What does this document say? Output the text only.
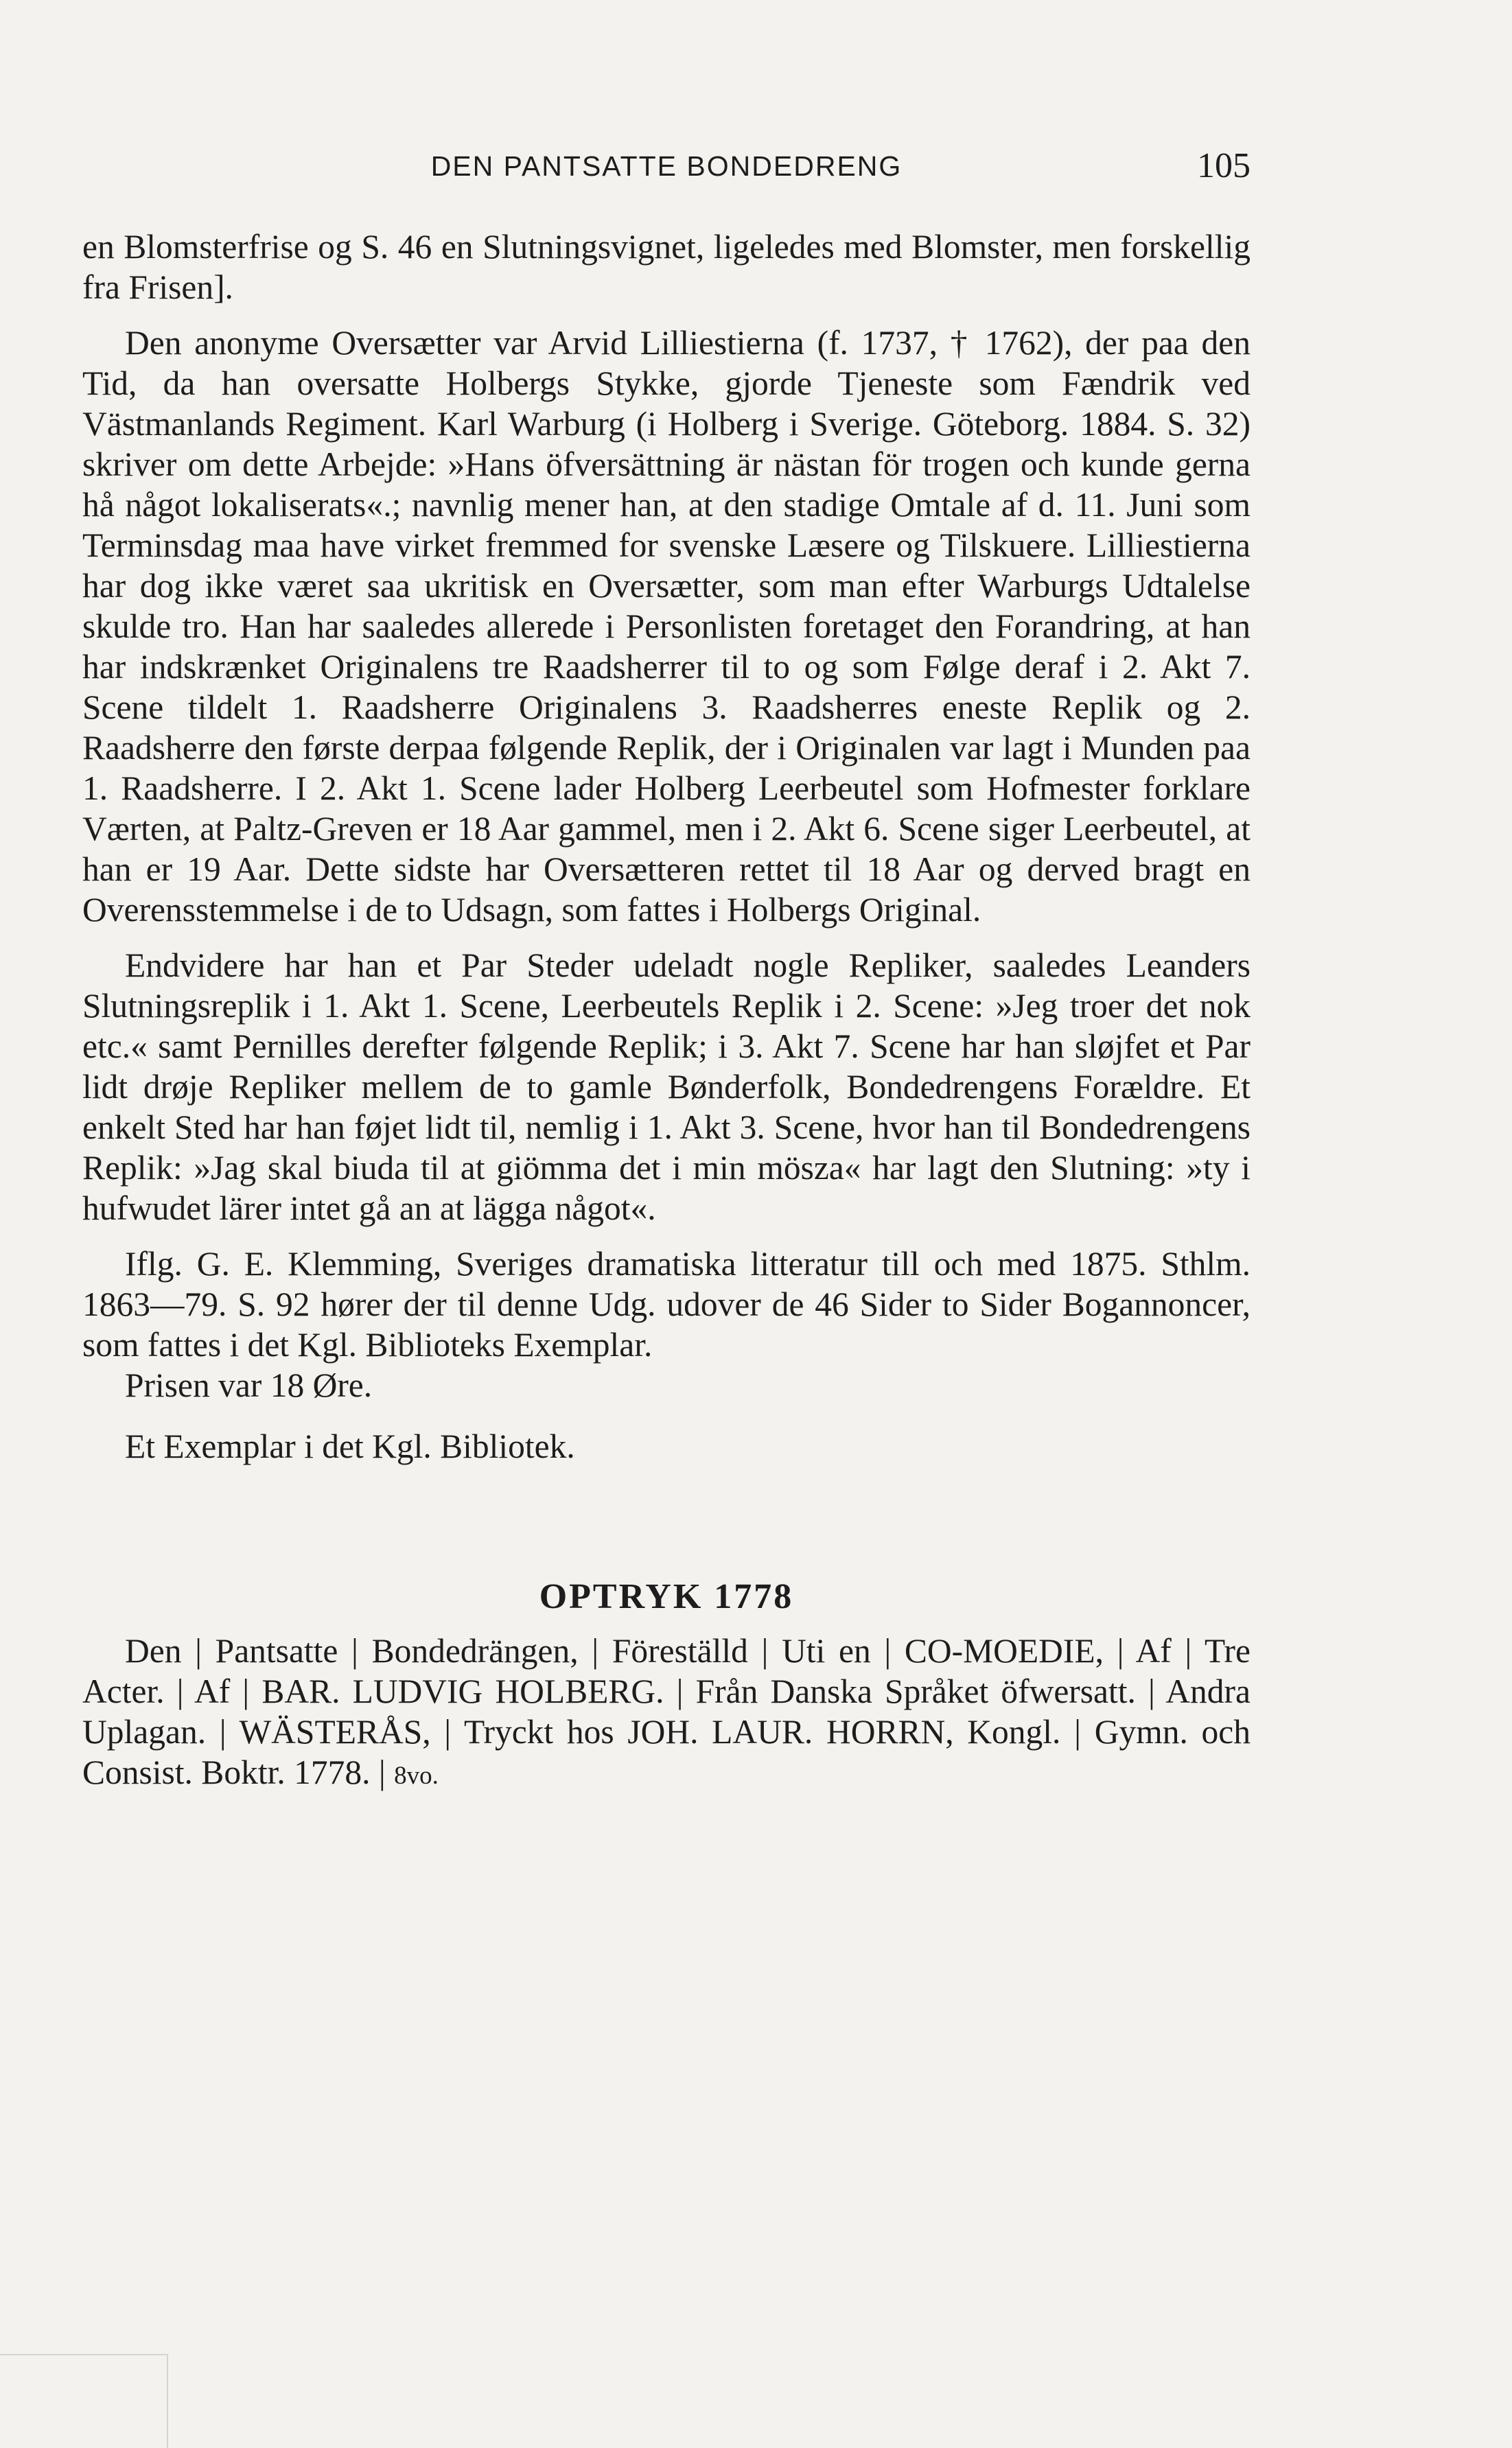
DEN PANTSATTE BONDEDRENG	105

en Blomsterfrise og S. 46 en Slutningsvignet, ligeledes med Blomster, men forskellig fra Frisen].

Den anonyme Oversætter var Arvid Lilliestierna (f. 1737, † 1762), der paa den Tid, da han oversatte Holbergs Stykke, gjorde Tjeneste som Fændrik ved Västmanlands Regiment. Karl Warburg (i Holberg i Sverige. Göteborg. 1884. S. 32) skriver om dette Arbejde: »Hans öfversättning är nästan för trogen och kunde gerna hå något lokaliserats«.; navnlig mener han, at den stadige Omtale af d. 11. Juni som Terminsdag maa have virket fremmed for svenske Læsere og Tilskuere. Lilliestierna har dog ikke været saa ukritisk en Oversætter, som man efter Warburgs Udtalelse skulde tro. Han har saaledes allerede i Personlisten foretaget den Forandring, at han har indskrænket Originalens tre Raadsherrer til to og som Følge deraf i 2. Akt 7. Scene tildelt 1. Raadsherre Originalens 3. Raadsherres eneste Replik og 2. Raadsherre den første derpaa følgende Replik, der i Originalen var lagt i Munden paa 1. Raadsherre. I 2. Akt 1. Scene lader Holberg Leerbeutel som Hofmester forklare Værten, at Paltz-Greven er 18 Aar gammel, men i 2. Akt 6. Scene siger Leerbeutel, at han er 19 Aar. Dette sidste har Oversætteren rettet til 18 Aar og derved bragt en Overensstemmelse i de to Udsagn, som fattes i Holbergs Original.

Endvidere har han et Par Steder udeladt nogle Repliker, saaledes Leanders Slutningsreplik i 1. Akt 1. Scene, Leerbeutels Replik i 2. Scene: »Jeg troer det nok etc.« samt Pernilles derefter følgende Replik; i 3. Akt 7. Scene har han sløjfet et Par lidt drøje Repliker mellem de to gamle Bønderfolk, Bondedrengens Forældre. Et enkelt Sted har han føjet lidt til, nemlig i 1. Akt 3. Scene, hvor han til Bondedrengens Replik: »Jag skal biuda til at giömma det i min mösza« har lagt den Slutning: »ty i hufwudet lärer intet gå an at lägga något«.

Iflg. G. E. Klemming, Sveriges dramatiska litteratur till och med 1875. Sthlm. 1863—79. S. 92 hører der til denne Udg. udover de 46 Sider to Sider Bogannoncer, som fattes i det Kgl. Biblioteks Exemplar.

Prisen var 18 Øre.

Et Exemplar i det Kgl. Bibliotek.

OPTRYK 1778

Den | Pantsatte | Bondedrängen, | Föreställd | Uti en | CO-MOEDIE, | Af | Tre Acter. | Af | BAR. LUDVIG HOLBERG. | Från Danska Språket öfwersatt. | Andra Uplagan. | WÄSTERÅS, | Tryckt hos JOH. LAUR. HORRN, Kongl. | Gymn. och Consist. Boktr. 1778. | 8vo.
